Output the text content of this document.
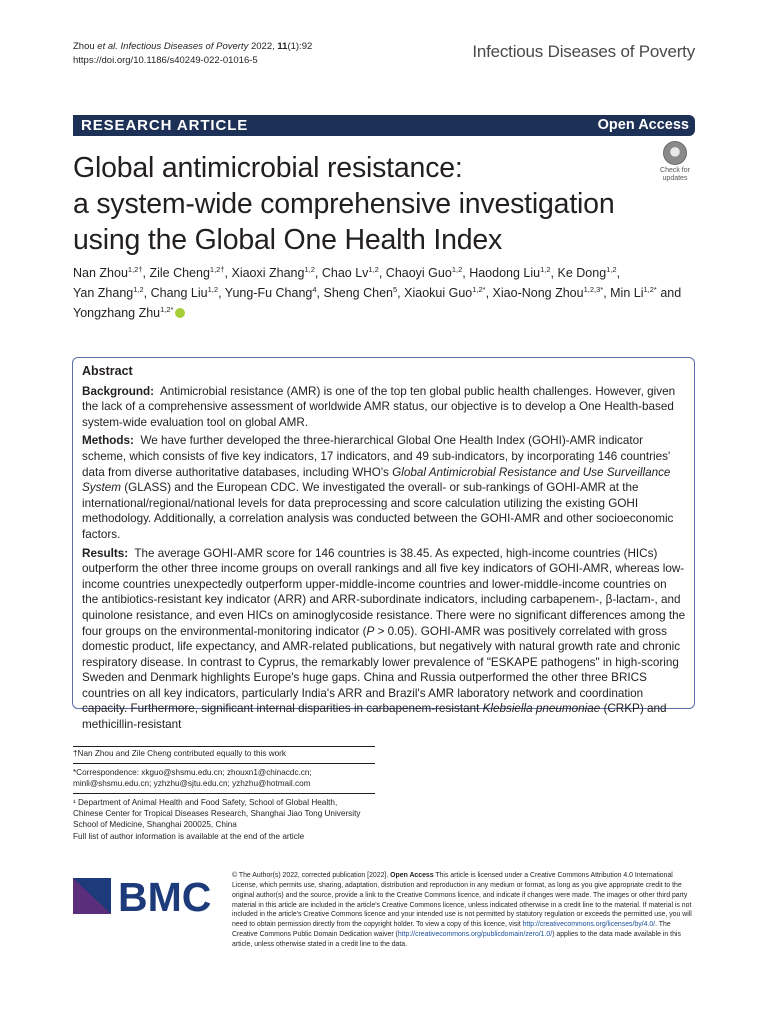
Zhou et al. Infectious Diseases of Poverty 2022, 11(1):92
https://doi.org/10.1186/s40249-022-01016-5	Infectious Diseases of Poverty
RESEARCH ARTICLE	Open Access
Check for
updates
Global antimicrobial resistance:
a system-wide comprehensive investigation
using the Global One Health Index
Nan Zhou$^{1,2\dagger}$, Zile Cheng$^{1,2\dagger}$, Xiaoxi Zhang$^{1,2}$, Chao Lv$^{1,2}$, Chaoyi Guo$^{1,2}$, Haodong Liu$^{1,2}$, Ke Dong$^{1,2}$,
Yan Zhang$^{1,2}$, Chang Liu$^{1,2}$, Yung-Fu Chang$^4$, Sheng Chen$^5$, Xiaokui Guo$^{1,2*}$, Xiao-Nong Zhou$^{1,2,3*}$, Min $Li^{1,2*}$ and
Yongzhang Zhu$^{1,2*}$
Abstract

Background: Antimicrobial resistance (AMR) is one of the top ten global public health challenges. However, given the lack of a comprehensive assessment of worldwide AMR status, our objective is to develop a One Health-based system-wide evaluation tool on global AMR.

Methods: We have further developed the three-hierarchical Global One Health Index (GOHI)-AMR indicator scheme, which consists of five key indicators, 17 indicators, and 49 sub-indicators, by incorporating 146 countries' data from diverse authoritative databases, including WHO's Global Antimicrobial Resistance and Use Surveillance System (GLASS) and the European CDC. We investigated the overall- or sub-rankings of GOHI-AMR at the international/regional/national levels for data preprocessing and score calculation utilizing the existing GOHI methodology. Additionally, a correlation analysis was conducted between the GOHI-AMR and other socioeconomic factors.

Results: The average GOHI-AMR score for 146 countries is 38.45. As expected, high-income countries (HICs) outperform the other three income groups on overall rankings and all five key indicators of GOHI-AMR, whereas low-income countries unexpectedly outperform upper-middle-income countries and lower-middle-income countries on the antibiotics-resistant key indicator (ARR) and ARR-subordinate indicators, including carbapenem-, β-lactam-, and quinolone resistance, and even HICs on aminoglycoside resistance. There were no significant differences among the four groups on the environmental-monitoring indicator (P > 0.05). GOHI-AMR was positively correlated with gross domestic product, life expectancy, and AMR-related publications, but negatively with natural growth rate and chronic respiratory disease. In contrast to Cyprus, the remarkably lower prevalence of "ESKAPE pathogens" in high-scoring Sweden and Denmark highlights Europe's huge gaps. China and Russia outperformed the other three BRICS countries on all key indicators, particularly India's ARR and Brazil's AMR laboratory network and coordination capacity. Furthermore, significant internal disparities in carbapenem-resistant Klebsiella pneumoniae (CRKP) and methicillin-resistant

†Nan Zhou and Zile Cheng contributed equally to this work
*Correspondence: xkguo@shsmu.edu.cn; zhouxn1@chinacdc.cn;
minli@shsmu.edu.cn; yzhzhu@sjtu.edu.cn; yzhzhu@hotmail.com
¹ Department of Animal Health and Food Safety, School of Global Health,
Chinese Center for Tropical Diseases Research, Shanghai Jiao Tong University
School of Medicine, Shanghai 200025, China
Full list of author information is available at the end of the article
BMC	© The Author(s) 2022, corrected publication [2022]. Open Access This article is licensed under a Creative Commons Attribution 4.0 International License, which permits use, sharing, adaptation, distribution and reproduction in any medium or format, as long as you give appropriate credit to the original author(s) and the source, provide a link to the Creative Commons licence, and indicate if changes were made. The images or other third party material in this article are included in the article's Creative Commons licence, unless indicated otherwise in a credit line to the material. If material is not included in the article's Creative Commons licence and your intended use is not permitted by statutory regulation or exceeds the permitted use, you will need to obtain permission directly from the copyright holder. To view a copy of this licence, visit http://creativecommons.org/licenses/by/4.0/. The Creative Commons Public Domain Dedication waiver (http://creativecommons.org/publicdomain/zero/1.0/) applies to the data made available in this article, unless otherwise stated in a credit line to the data.
